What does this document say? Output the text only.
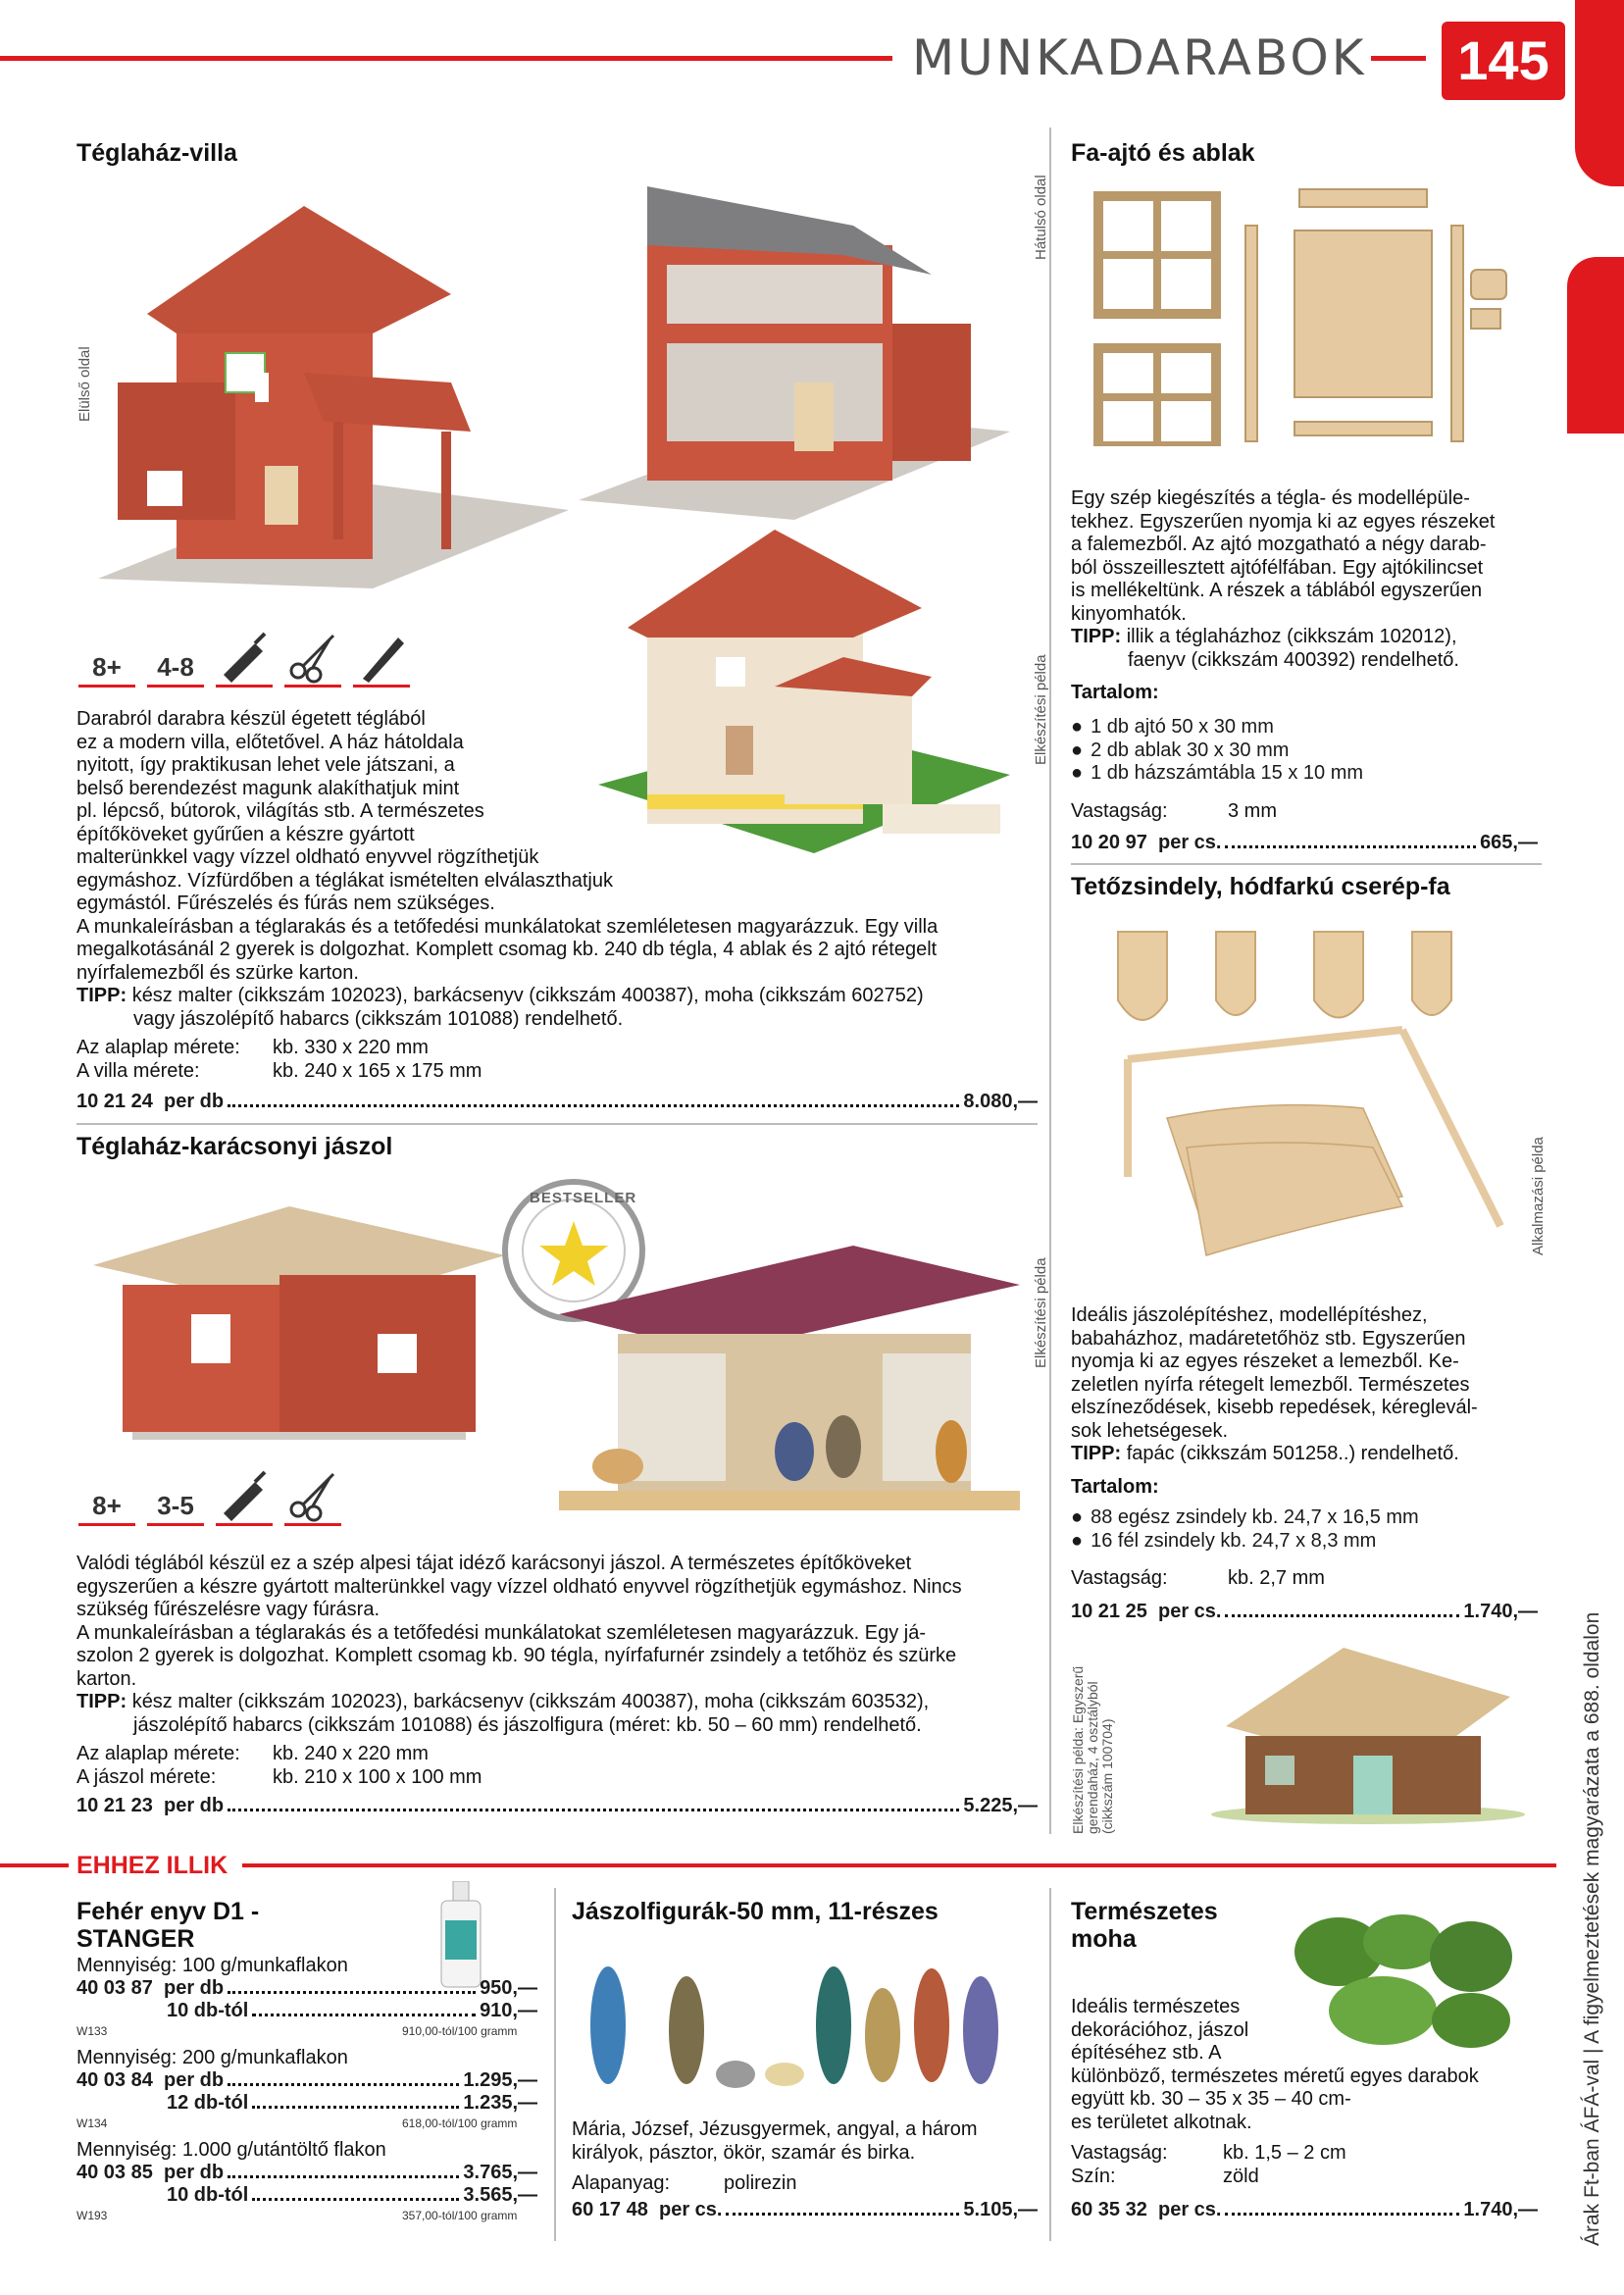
MUNKADARABOK 145
Árak Ft-ban ÁFÁ-val | A figyelmeztetések magyarázata a 688. oldalon
Téglaház-villa
Elülső oldal
Hátulsó oldal
Elkészítési példa
8+	4-8

Darabról darabra készül égetett téglából

ez a modern villa, előtetővel. A ház hátoldala

nyitott, így praktikusan lehet vele játszani, a

belső berendezést magunk alakíthatjuk mint

pl. lépcső, bútorok, világítás stb. A természetes

építőköveket gyűrűen a készre gyártott

malterünkkel vagy vízzel oldható enyvvel rögzíthetjük

egymáshoz. Vízfürdőben a téglákat ismételten elválaszthatjuk

egymástól. Fűrészelés és fúrás nem szükséges.

A munkaleírásban a téglarakás és a tetőfedési munkálatokat szemléletesen magyarázzuk. Egy villa

megalkotásánál 2 gyerek is dolgozhat. Komplett csomag kb. 240 db tégla, 4 ablak és 2 ajtó rétegelt

nyírfalemezből és szürke karton.

TIPP: kész malter (cikkszám 102023), barkácsenyv (cikkszám 400387), moha (cikkszám 602752)

vagy jászolépítő habarcs (cikkszám 101088) rendelhető.

Az alaplap mérete: kb. 330 x 220 mm

A villa mérete:	kb. 240 x 165 x 175 mm

10 21 24
per db	8.080,—
Téglaház-karácsonyi jászol
Elkészítési példa
BESTSELLER
8+	3-5

Valódi téglából készül ez a szép alpesi tájat idéző karácsonyi jászol. A természetes építőköveket

egyszerűen a készre gyártott malterünkkel vagy vízzel oldható enyvvel rögzíthetjük egymáshoz. Nincs

szükség fűrészelésre vagy fúrásra.

A munkaleírásban a téglarakás és a tetőfedési munkálatokat szemléletesen magyarázzuk. Egy já-

szolon 2 gyerek is dolgozhat. Komplett csomag kb. 90 tégla, nyírfafurnér zsindely a tetőhöz és szürke

karton.

TIPP: kész malter (cikkszám 102023), barkácsenyv (cikkszám 400387), moha (cikkszám 603532),

jászolépítő habarcs (cikkszám 101088) és jászolfigura (méret: kb. 50 – 60 mm) rendelhető.

Az alaplap mérete: kb. 240 x 220 mm

A jászol mérete:	kb. 210 x 100 x 100 mm

10 21 23
per db	5.225,—
Fa-ajtó és ablak

Egy szép kiegészítés a tégla- és modellépüle-

tekhez. Egyszerűen nyomja ki az egyes részeket

a falemezből. Az ajtó mozgatható a négy darab-

ból összeillesztett ajtófélfában. Egy ajtókilincset

is mellékeltünk. A részek a táblából egyszerűen

kinyomhatók.

TIPP: illik a téglaházhoz (cikkszám 102012),

faenyv (cikkszám 400392) rendelhető.

Tartalom:

● 1 db ajtó 50 x 30 mm
● 2 db ablak 30 x 30 mm
● 1 db házszámtábla 15 x 10 mm
Vastagság:	3 mm
10 20 97
per cs.	665,—
Tetőzsindely, hódfarkú cserép-fa
Alkalmazási példa

Ideális jászolépítéshez, modellépítéshez,

babaházhoz, madáretetőhöz stb. Egyszerűen

nyomja ki az egyes részeket a lemezből. Ke-

zeletlen nyírfa rétegelt lemezből. Természetes

elszíneződések, kisebb repedések, kéreglevál-

sok lehetségesek.

TIPP: fapác (cikkszám 501258..) rendelhető.

Tartalom:

● 88 egész zsindely kb. 24,7 x 16,5 mm
● 16 fél zsindely kb. 24,7 x 8,3 mm
Vastagság:	kb. 2,7 mm
10 21 25
per cs.	1.740,—
Elkészítési példa: Egyszerű gerendaház, 4 osztályból (cikkszám 100704)
EHHEZ ILLIK
Fehér enyv D1 -
STANGER
Mennyiség: 100 g/munkaflakon
40 03 87
per db	950,—
10 db-tól	910,—
W133	910,00-tól/100 gramm
Mennyiség: 200 g/munkaflakon
40 03 84
per db	1.295,—
12 db-tól	1.235,—
W134	618,00-tól/100 gramm
Mennyiség: 1.000 g/utántöltő flakon
40 03 85
per db	3.765,—
10 db-tól	3.565,—
W193	357,00-tól/100 gramm
Jászolfigurák-50 mm, 11-részes

Mária, József, Jézusgyermek, angyal, a három

királyok, pásztor, ökör, szamár és birka.

Alapanyag:	polirezin

60 17 48
per cs.	5.105,—
Természetes
moha

Ideális természetes

dekorációhoz, jászol

építéséhez stb. A

különböző, természetes méretű egyes darabok

együtt kb. 30 – 35 x 35 – 40 cm-

es területet alkotnak.

Vastagság:	kb. 1,5 – 2 cm

Szín:	zöld

60 35 32
per cs.	1.740,—
